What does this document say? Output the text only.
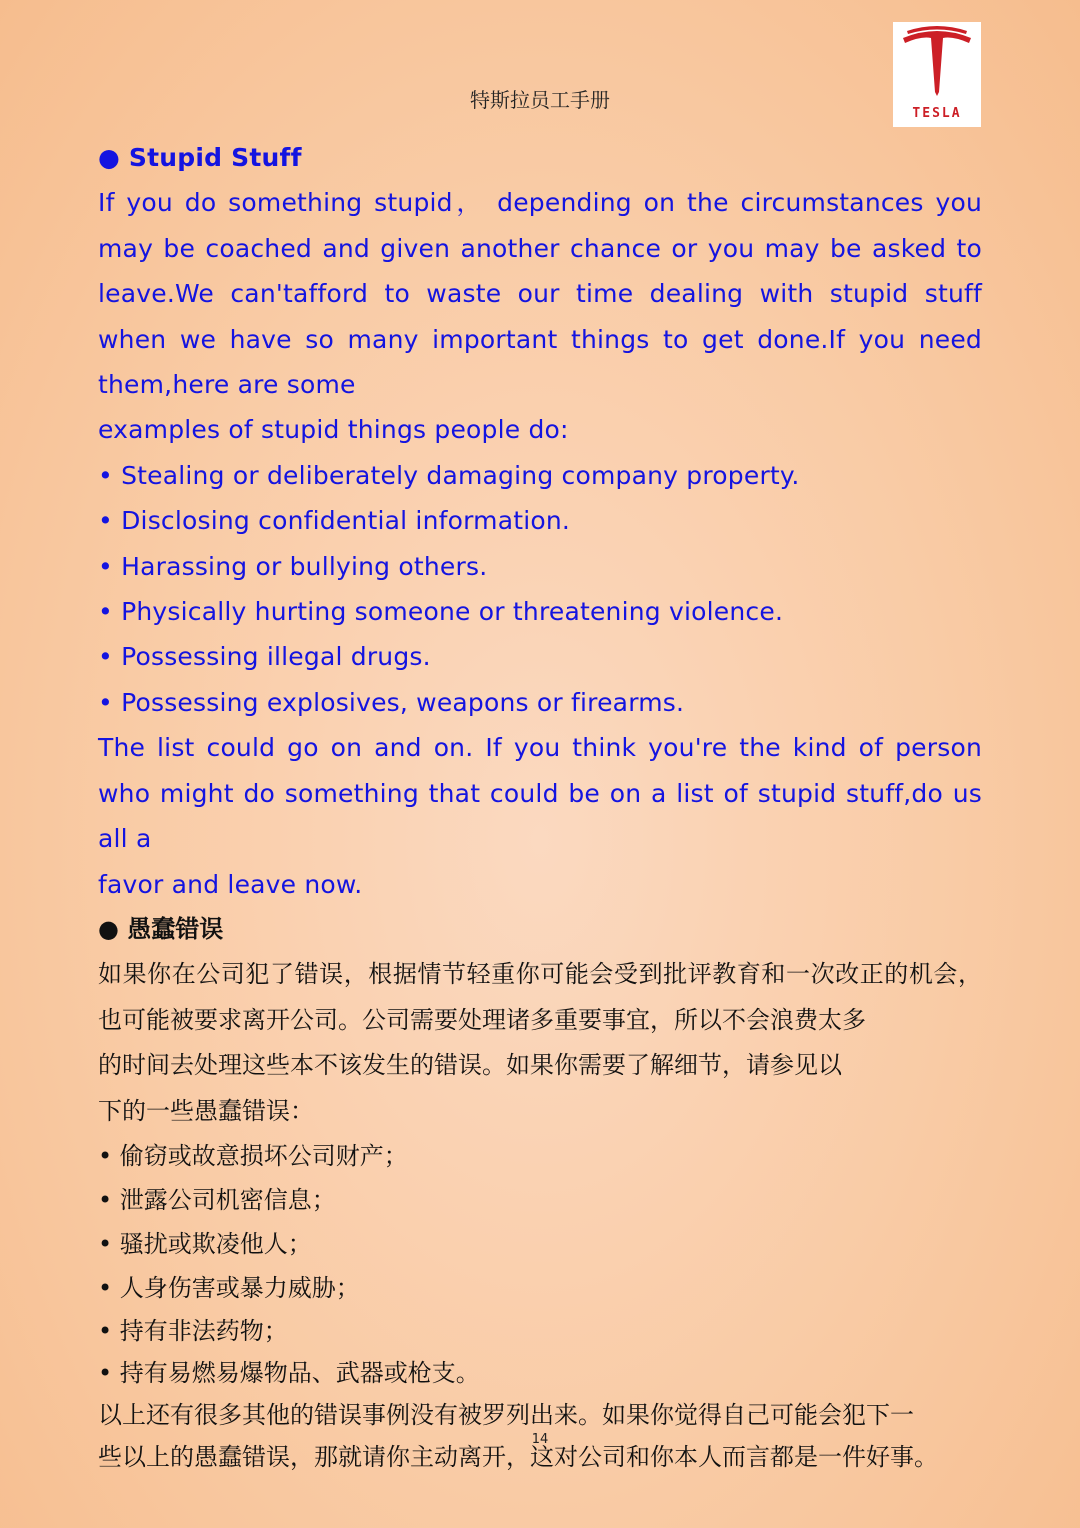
特斯拉员工手册
TESLA
● Stupid Stuff
If you do something stupid， depending on the circumstances you may be coached and given another chance or you may be asked to leave.We can'tafford to waste our time dealing with stupid stuff when we have so many important things to get done.If you need them,here are some
examples of stupid things people do:
• Stealing or deliberately damaging company property.
• Disclosing confidential information.
• Harassing or bullying others.
• Physically hurting someone or threatening violence.
• Possessing illegal drugs.
• Possessing explosives, weapons or firearms.
The list could go on and on. If you think you're the kind of person who might do something that could be on a list of stupid stuff,do us all a
favor and leave now.
● 愚蠢错误
如果你在公司犯了错误，根据情节轻重你可能会受到批评教育和一次改正的机会，也可能被要求离开公司。公司需要处理诸多重要事宜，所以不会浪费太多
的时间去处理这些本不该发生的错误。如果你需要了解细节，请参见以
下的一些愚蠢错误：
• 偷窃或故意损坏公司财产；
• 泄露公司机密信息；
• 骚扰或欺凌他人；
• 人身伤害或暴力威胁；
• 持有非法药物；
• 持有易燃易爆物品、武器或枪支。
以上还有很多其他的错误事例没有被罗列出来。如果你觉得自己可能会犯下一
些以上的愚蠢错误，那就请你主动离开，这对公司和你本人而言都是一件好事。
14
